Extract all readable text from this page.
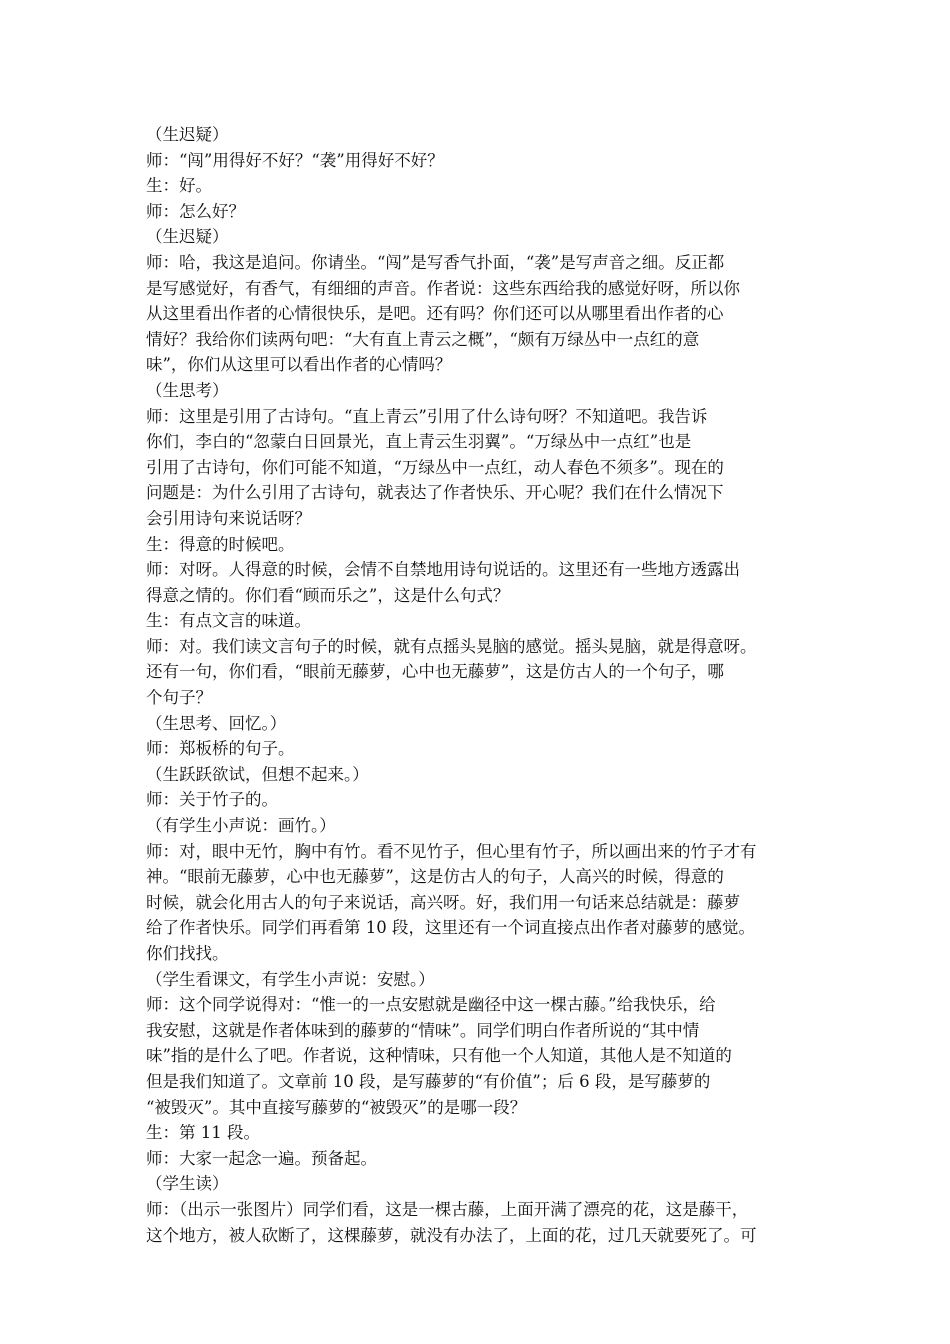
（生迟疑）
师：“闯”用得好不好？“袭”用得好不好？
生：好。
师：怎么好？
（生迟疑）
师：哈，我这是追问。你请坐。“闯”是写香气扑面，“袭”是写声音之细。反正都
是写感觉好，有香气，有细细的声音。作者说：这些东西给我的感觉好呀，所以你
从这里看出作者的心情很快乐，是吧。还有吗？你们还可以从哪里看出作者的心
情好？我给你们读两句吧：“大有直上青云之概”，“颇有万绿丛中一点红的意
味”，你们从这里可以看出作者的心情吗？
（生思考）
师：这里是引用了古诗句。“直上青云”引用了什么诗句呀？不知道吧。我告诉
你们，李白的“忽蒙白日回景光，直上青云生羽翼”。“万绿丛中一点红”也是
引用了古诗句，你们可能不知道，“万绿丛中一点红，动人春色不须多”。现在的
问题是：为什么引用了古诗句，就表达了作者快乐、开心呢？我们在什么情况下
会引用诗句来说话呀？
生：得意的时候吧。
师：对呀。人得意的时候，会情不自禁地用诗句说话的。这里还有一些地方透露出
得意之情的。你们看“顾而乐之”，这是什么句式？
生：有点文言的味道。
师：对。我们读文言句子的时候，就有点摇头晃脑的感觉。摇头晃脑，就是得意呀。
还有一句，你们看，“眼前无藤萝，心中也无藤萝”，这是仿古人的一个句子，哪
个句子？
（生思考、回忆。）
师：郑板桥的句子。
（生跃跃欲试，但想不起来。）
师：关于竹子的。
（有学生小声说：画竹。）
师：对，眼中无竹，胸中有竹。看不见竹子，但心里有竹子，所以画出来的竹子才有
神。“眼前无藤萝，心中也无藤萝”，这是仿古人的句子，人高兴的时候，得意的
时候，就会化用古人的句子来说话，高兴呀。好，我们用一句话来总结就是：藤萝
给了作者快乐。同学们再看第 10 段，这里还有一个词直接点出作者对藤萝的感觉。
你们找找。
（学生看课文，有学生小声说：安慰。）
师：这个同学说得对：“惟一的一点安慰就是幽径中这一棵古藤。”给我快乐，给
我安慰，这就是作者体味到的藤萝的“情味”。同学们明白作者所说的“其中情
味”指的是什么了吧。作者说，这种情味，只有他一个人知道，其他人是不知道的
但是我们知道了。文章前 10 段，是写藤萝的“有价值”；后 6 段，是写藤萝的
“被毁灭”。其中直接写藤萝的“被毁灭”的是哪一段？
生：第 11 段。
师：大家一起念一遍。预备起。
（学生读）
师：（出示一张图片）同学们看，这是一棵古藤，上面开满了漂亮的花，这是藤干，
这个地方，被人砍断了，这棵藤萝，就没有办法了，上面的花，过几天就要死了。可
